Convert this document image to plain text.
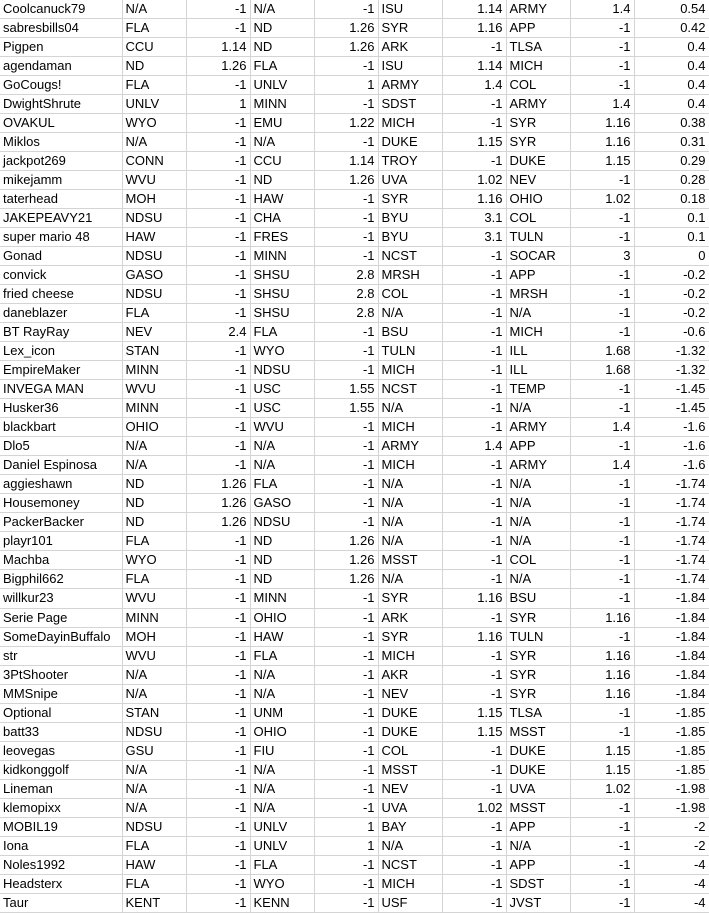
Coolcanuck79	N/A	-1	N/A	-1	ISU	1.14	ARMY	1.4	0.54
sabresbills04	FLA	-1	ND	1.26	SYR	1.16	APP	-1	0.42
Pigpen	CCU	1.14	ND	1.26	ARK	-1	TLSA	-1	0.4
agendaman	ND	1.26	FLA	-1	ISU	1.14	MICH	-1	0.4
GoCougs!	FLA	-1	UNLV	1	ARMY	1.4	COL	-1	0.4
DwightShrute	UNLV	1	MINN	-1	SDST	-1	ARMY	1.4	0.4
OVAKUL	WYO	-1	EMU	1.22	MICH	-1	SYR	1.16	0.38
Miklos	N/A	-1	N/A	-1	DUKE	1.15	SYR	1.16	0.31
jackpot269	CONN	-1	CCU	1.14	TROY	-1	DUKE	1.15	0.29
mikejamm	WVU	-1	ND	1.26	UVA	1.02	NEV	-1	0.28
taterhead	MOH	-1	HAW	-1	SYR	1.16	OHIO	1.02	0.18
JAKEPEAVY21	NDSU	-1	CHA	-1	BYU	3.1	COL	-1	0.1
super mario 48	HAW	-1	FRES	-1	BYU	3.1	TULN	-1	0.1
Gonad	NDSU	-1	MINN	-1	NCST	-1	SOCAR	3	0
convick	GASO	-1	SHSU	2.8	MRSH	-1	APP	-1	-0.2
fried cheese	NDSU	-1	SHSU	2.8	COL	-1	MRSH	-1	-0.2
daneblazer	FLA	-1	SHSU	2.8	N/A	-1	N/A	-1	-0.2
BT RayRay	NEV	2.4	FLA	-1	BSU	-1	MICH	-1	-0.6
Lex_icon	STAN	-1	WYO	-1	TULN	-1	ILL	1.68	-1.32
EmpireMaker	MINN	-1	NDSU	-1	MICH	-1	ILL	1.68	-1.32
INVEGA MAN	WVU	-1	USC	1.55	NCST	-1	TEMP	-1	-1.45
Husker36	MINN	-1	USC	1.55	N/A	-1	N/A	-1	-1.45
blackbart	OHIO	-1	WVU	-1	MICH	-1	ARMY	1.4	-1.6
Dlo5	N/A	-1	N/A	-1	ARMY	1.4	APP	-1	-1.6
Daniel Espinosa	N/A	-1	N/A	-1	MICH	-1	ARMY	1.4	-1.6
aggieshawn	ND	1.26	FLA	-1	N/A	-1	N/A	-1	-1.74
Housemoney	ND	1.26	GASO	-1	N/A	-1	N/A	-1	-1.74
PackerBacker	ND	1.26	NDSU	-1	N/A	-1	N/A	-1	-1.74
playr101	FLA	-1	ND	1.26	N/A	-1	N/A	-1	-1.74
Machba	WYO	-1	ND	1.26	MSST	-1	COL	-1	-1.74
Bigphil662	FLA	-1	ND	1.26	N/A	-1	N/A	-1	-1.74
willkur23	WVU	-1	MINN	-1	SYR	1.16	BSU	-1	-1.84
Serie Page	MINN	-1	OHIO	-1	ARK	-1	SYR	1.16	-1.84
SomeDayinBuffalo	MOH	-1	HAW	-1	SYR	1.16	TULN	-1	-1.84
str	WVU	-1	FLA	-1	MICH	-1	SYR	1.16	-1.84
3PtShooter	N/A	-1	N/A	-1	AKR	-1	SYR	1.16	-1.84
MMSnipe	N/A	-1	N/A	-1	NEV	-1	SYR	1.16	-1.84
Optional	STAN	-1	UNM	-1	DUKE	1.15	TLSA	-1	-1.85
batt33	NDSU	-1	OHIO	-1	DUKE	1.15	MSST	-1	-1.85
leovegas	GSU	-1	FIU	-1	COL	-1	DUKE	1.15	-1.85
kidkonggolf	N/A	-1	N/A	-1	MSST	-1	DUKE	1.15	-1.85
Lineman	N/A	-1	N/A	-1	NEV	-1	UVA	1.02	-1.98
klemopixx	N/A	-1	N/A	-1	UVA	1.02	MSST	-1	-1.98
MOBIL19	NDSU	-1	UNLV	1	BAY	-1	APP	-1	-2
Iona	FLA	-1	UNLV	1	N/A	-1	N/A	-1	-2
Noles1992	HAW	-1	FLA	-1	NCST	-1	APP	-1	-4
Headsterx	FLA	-1	WYO	-1	MICH	-1	SDST	-1	-4
Taur	KENT	-1	KENN	-1	USF	-1	JVST	-1	-4
